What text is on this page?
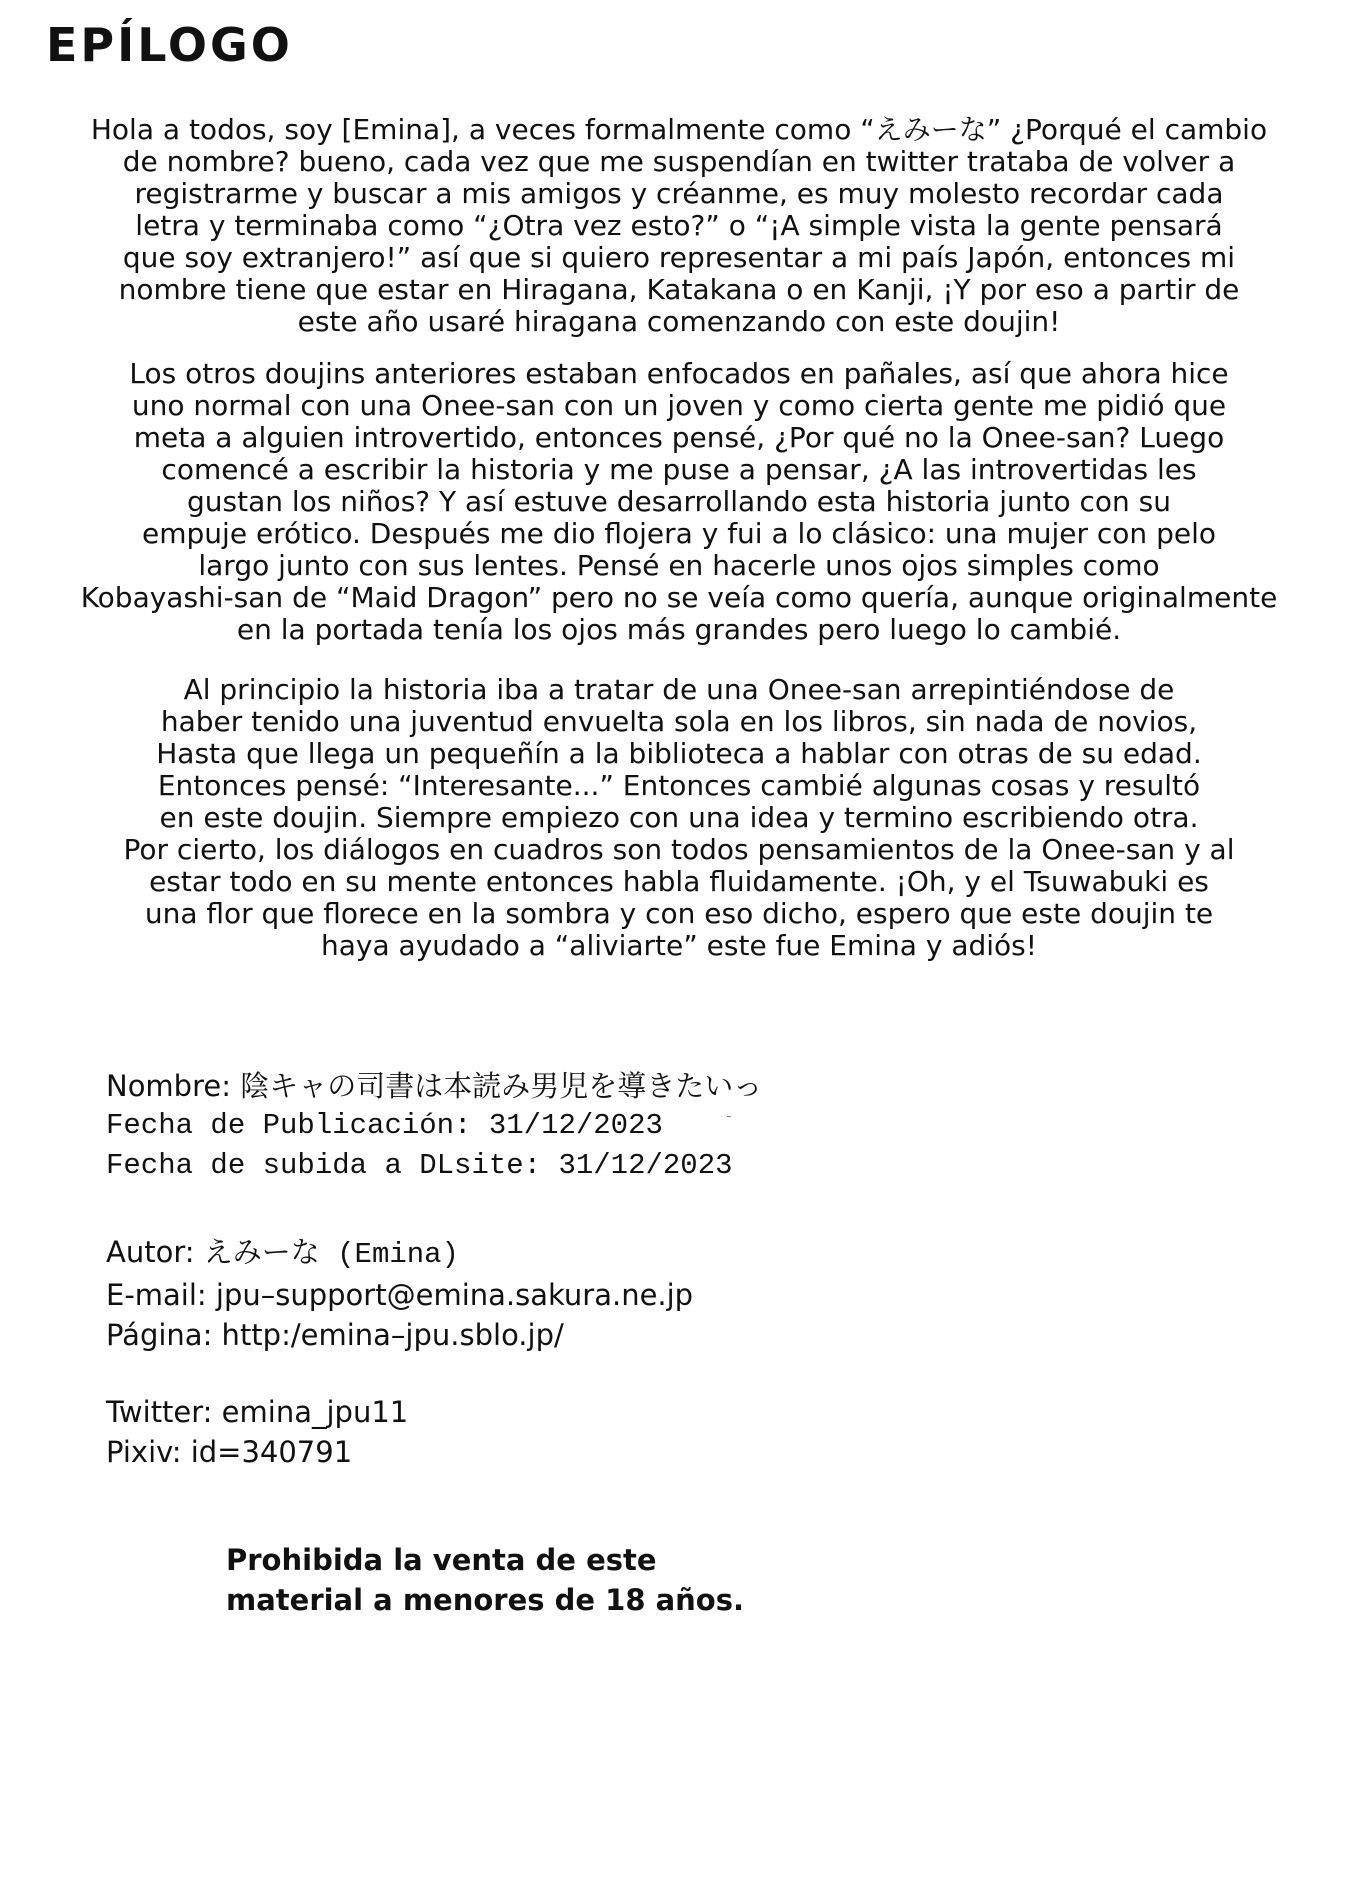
EPÍLOGO
Hola a todos, soy [Emina], a veces formalmente como “えみーな” ¿Porqué el cambio
de nombre? bueno, cada vez que me suspendían en twitter trataba de volver a
registrarme y buscar a mis amigos y créanme, es muy molesto recordar cada
letra y terminaba como “¿Otra vez esto?” o “¡A simple vista la gente pensará
que soy extranjero!” así que si quiero representar a mi país Japón, entonces mi
nombre tiene que estar en Hiragana, Katakana o en Kanji, ¡Y por eso a partir de
este año usaré hiragana comenzando con este doujin!
Los otros doujins anteriores estaban enfocados en pañales, así que ahora hice
uno normal con una Onee-san con un joven y como cierta gente me pidió que
meta a alguien introvertido, entonces pensé, ¿Por qué no la Onee-san? Luego
comencé a escribir la historia y me puse a pensar, ¿A las introvertidas les
gustan los niños? Y así estuve desarrollando esta historia junto con su
empuje erótico. Después me dio flojera y fui a lo clásico: una mujer con pelo
largo junto con sus lentes. Pensé en hacerle unos ojos simples como
Kobayashi-san de “Maid Dragon” pero no se veía como quería, aunque originalmente
en la portada tenía los ojos más grandes pero luego lo cambié.
Al principio la historia iba a tratar de una Onee-san arrepintiéndose de
haber tenido una juventud envuelta sola en los libros, sin nada de novios,
Hasta que llega un pequeñín a la biblioteca a hablar con otras de su edad.
Entonces pensé: “Interesante...” Entonces cambié algunas cosas y resultó
en este doujin. Siempre empiezo con una idea y termino escribiendo otra.
Por cierto, los diálogos en cuadros son todos pensamientos de la Onee-san y al
estar todo en su mente entonces habla fluidamente. ¡Oh, y el Tsuwabuki es
una flor que florece en la sombra y con eso dicho, espero que este doujin te
haya ayudado a “aliviarte” este fue Emina y adiós!
Nombre: 陰キャの司書は本読み男児を導きたいっ
Fecha de Publicación: 31/12/2023
Fecha de subida a DLsite: 31/12/2023
Autor: えみーな (Emina)
E-mail: jpu–support@emina.sakura.ne.jp
Página: http:/emina–jpu.sblo.jp/
Twitter: emina_jpu11
Pixiv: id=340791
Prohibida la venta de este
material a menores de 18 años.
